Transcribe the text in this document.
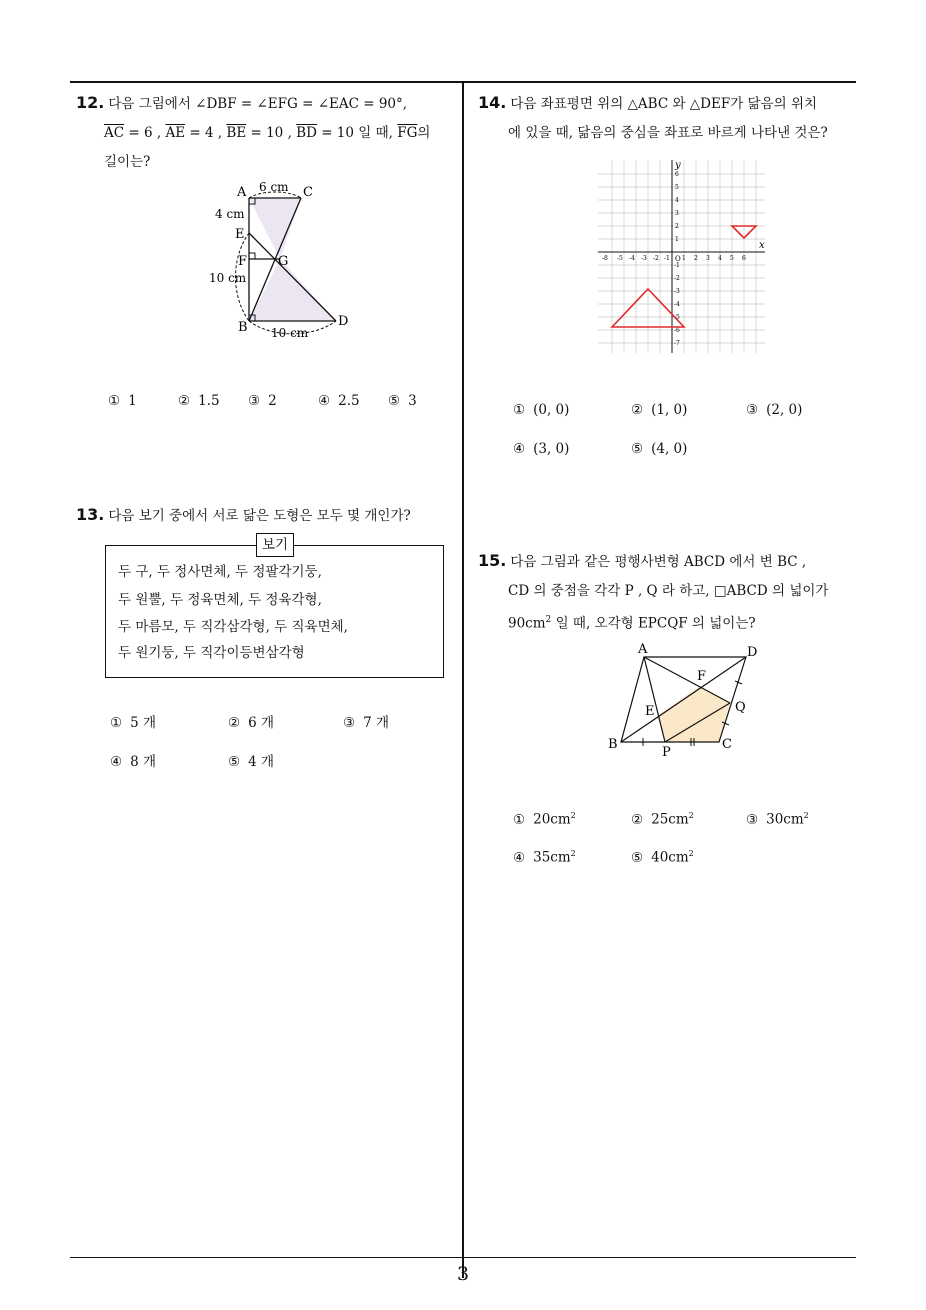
3
12. 다음 그림에서 ∠DBF = ∠EFG = ∠EAC = 90°,
$\overline{AC} = 6$ , $\overline{AE} = 4$ , $\overline{BE} = 10$ , $\overline{BD} = 10$ 일 때, $\overline{FG}$의
길이는?
A	C
E
F G
B	D
6 cm
4 cm
10 cm
10 cm
① 1	② 1.5 ③ 2	④ 2.5 ⑤ 3
13. 다음 보기 중에서 서로 닮은 도형은 모두 몇 개인가?
보기
두 구, 두 정사면체, 두 정팔각기둥,
두 원뿔, 두 정육면체, 두 정육각형,
두 마름모, 두 직각삼각형, 두 직육면체,
두 원기둥, 두 직각이등변삼각형
① 5 개	② 6 개	③ 7 개
④ 8 개	⑤ 4 개
14. 다음 좌표평면 위의 △ABC 와 △DEF가 닮음의 위치
에 있을 때, 닮음의 중심을 좌표로 바르게 나타낸 것은?
x
y
O
-8 -5 -4 -3 -2 -1 1 2 3 4 5 6
6
5
4
3
2
1
-1
-2
-3
-4
-5
-6
-7
① (0, 0)	② (1, 0)	③ (2, 0)
④ (3, 0)	⑤ (4, 0)
15. 다음 그림과 같은 평행사변형 ABCD 에서 변 BC ,
CD 의 중점을 각각 P , Q 라 하고, □ABCD 의 넓이가
$90cm^2$ 일 때, 오각형 EPCQF 의 넓이는?
A	D
B	C
E
F
P
Q
① $20cm^2$	② $25cm^2$	③ $30cm^2$
④ $35cm^2$	⑤ $40cm^2$
